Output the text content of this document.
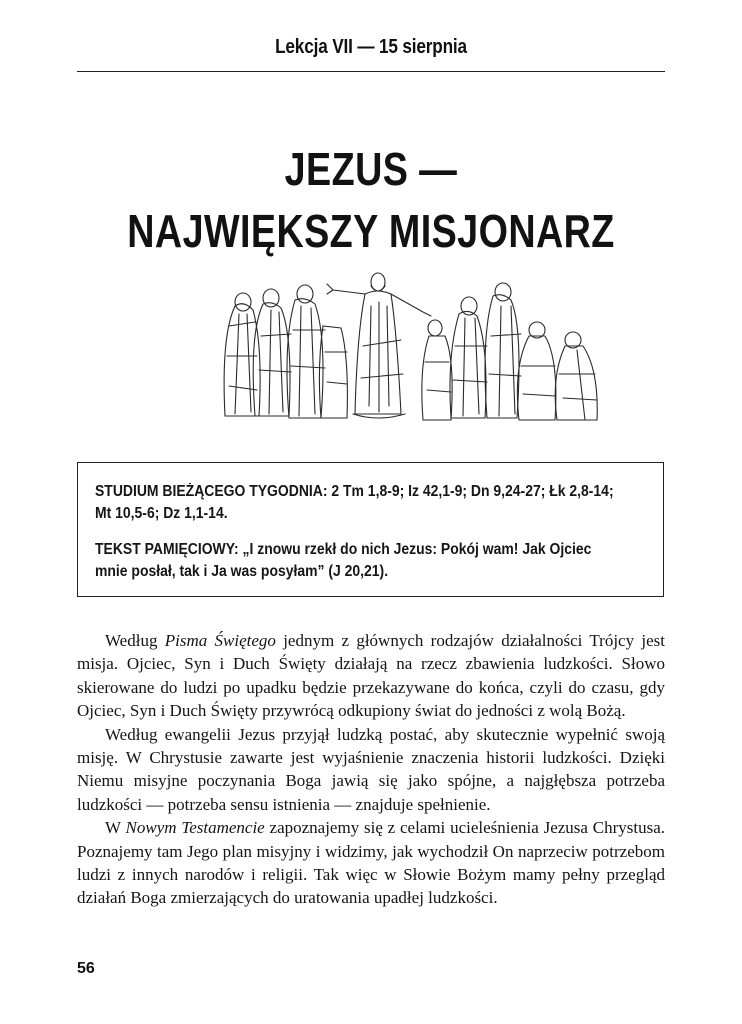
Lekcja VII — 15 sierpnia
JEZUS —
NAJWIĘKSZY MISJONARZ

STUDIUM BIEŻĄCEGO TYGODNIA: 2 Tm 1,8-9; Iz 42,1-9; Dn 9,24-27; Łk 2,8-14; Mt 10,5-6; Dz 1,1-14.

TEKST PAMIĘCIOWY: „I znowu rzekł do nich Jezus: Pokój wam! Jak Ojciec mnie posłał, tak i Ja was posyłam” (J 20,21).

Według Pisma Świętego jednym z głównych rodzajów działalności Trójcy jest misja. Ojciec, Syn i Duch Święty działają na rzecz zbawienia ludzkości. Słowo skierowane do ludzi po upadku będzie przekazywane do końca, czyli do czasu, gdy Ojciec, Syn i Duch Święty przywrócą odkupiony świat do jedności z wolą Bożą.

Według ewangelii Jezus przyjął ludzką postać, aby skutecznie wypełnić swoją misję. W Chrystusie zawarte jest wyjaśnienie znaczenia historii ludzkości. Dzięki Niemu misyjne poczynania Boga jawią się jako spójne, a najgłębsza potrzeba ludzkości — potrzeba sensu istnienia — znajduje spełnienie.

W Nowym Testamencie zapoznajemy się z celami ucieleśnienia Jezusa Chrystusa. Poznajemy tam Jego plan misyjny i widzimy, jak wychodził On naprzeciw potrzebom ludzi z innych narodów i religii. Tak więc w Słowie Bożym mamy pełny przegląd działań Boga zmierzających do uratowania upadłej ludzkości.

56
